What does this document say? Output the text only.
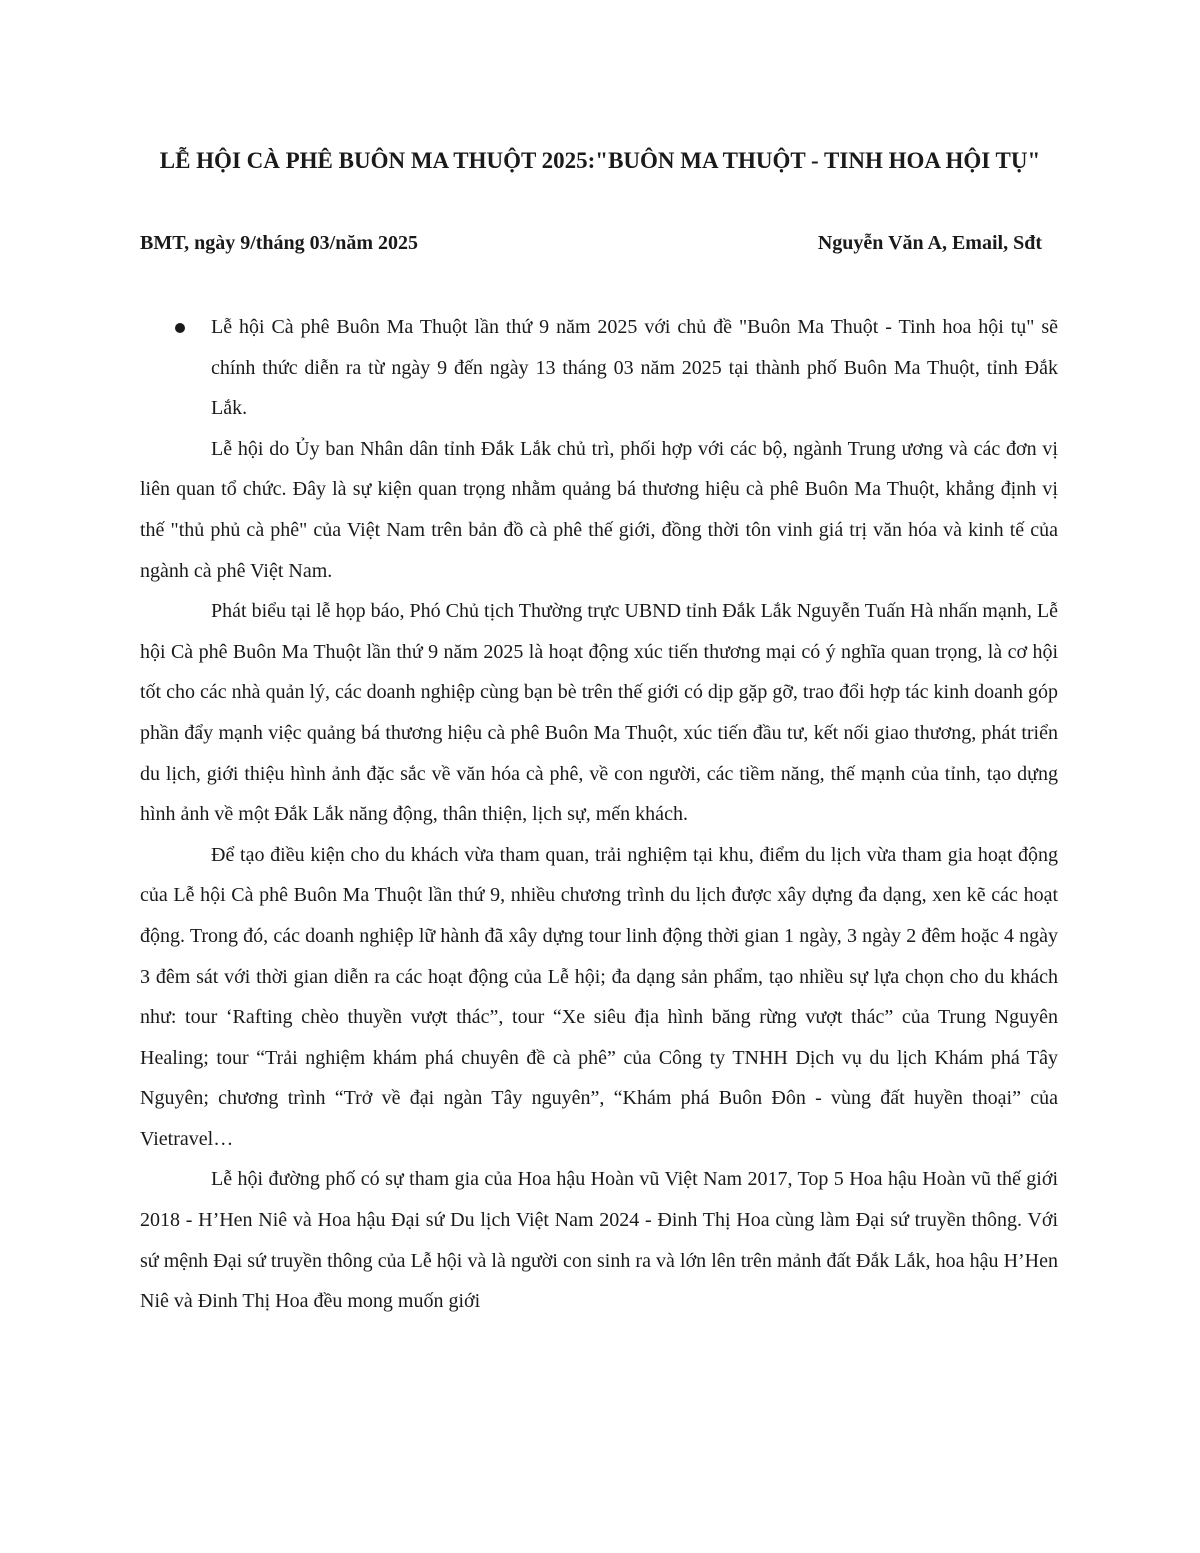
LỄ HỘI CÀ PHÊ BUÔN MA THUỘT 2025:"BUÔN MA THUỘT - TINH HOA HỘI TỤ"
BMT, ngày 9/tháng 03/năm 2025	Nguyễn Văn A, Email, Sđt

Lễ hội Cà phê Buôn Ma Thuột lần thứ 9 năm 2025 với chủ đề "Buôn Ma Thuột - Tinh hoa hội tụ" sẽ chính thức diễn ra từ ngày 9 đến ngày 13 tháng 03 năm 2025 tại thành phố Buôn Ma Thuột, tỉnh Đắk Lắk.

Lễ hội do Ủy ban Nhân dân tỉnh Đắk Lắk chủ trì, phối hợp với các bộ, ngành Trung ương và các đơn vị liên quan tổ chức. Đây là sự kiện quan trọng nhằm quảng bá thương hiệu cà phê Buôn Ma Thuột, khẳng định vị thế "thủ phủ cà phê" của Việt Nam trên bản đồ cà phê thế giới, đồng thời tôn vinh giá trị văn hóa và kinh tế của ngành cà phê Việt Nam.

Phát biểu tại lễ họp báo, Phó Chủ tịch Thường trực UBND tỉnh Đắk Lắk Nguyễn Tuấn Hà nhấn mạnh, Lễ hội Cà phê Buôn Ma Thuột lần thứ 9 năm 2025 là hoạt động xúc tiến thương mại có ý nghĩa quan trọng, là cơ hội tốt cho các nhà quản lý, các doanh nghiệp cùng bạn bè trên thế giới có dịp gặp gỡ, trao đổi hợp tác kinh doanh góp phần đẩy mạnh việc quảng bá thương hiệu cà phê Buôn Ma Thuột, xúc tiến đầu tư, kết nối giao thương, phát triển du lịch, giới thiệu hình ảnh đặc sắc về văn hóa cà phê, về con người, các tiềm năng, thế mạnh của tỉnh, tạo dựng hình ảnh về một Đắk Lắk năng động, thân thiện, lịch sự, mến khách.

Để tạo điều kiện cho du khách vừa tham quan, trải nghiệm tại khu, điểm du lịch vừa tham gia hoạt động của Lễ hội Cà phê Buôn Ma Thuột lần thứ 9, nhiều chương trình du lịch được xây dựng đa dạng, xen kẽ các hoạt động. Trong đó, các doanh nghiệp lữ hành đã xây dựng tour linh động thời gian 1 ngày, 3 ngày 2 đêm hoặc 4 ngày 3 đêm sát với thời gian diễn ra các hoạt động của Lễ hội; đa dạng sản phẩm, tạo nhiều sự lựa chọn cho du khách như: tour ‘Rafting chèo thuyền vượt thác”, tour “Xe siêu địa hình băng rừng vượt thác” của Trung Nguyên Healing; tour “Trải nghiệm khám phá chuyên đề cà phê” của Công ty TNHH Dịch vụ du lịch Khám phá Tây Nguyên; chương trình “Trở về đại ngàn Tây nguyên”, “Khám phá Buôn Đôn - vùng đất huyền thoại” của Vietravel…

Lễ hội đường phố có sự tham gia của Hoa hậu Hoàn vũ Việt Nam 2017, Top 5 Hoa hậu Hoàn vũ thế giới 2018 - H’Hen Niê và Hoa hậu Đại sứ Du lịch Việt Nam 2024 - Đinh Thị Hoa cùng làm Đại sứ truyền thông. Với sứ mệnh Đại sứ truyền thông của Lễ hội và là người con sinh ra và lớn lên trên mảnh đất Đắk Lắk, hoa hậu H’Hen Niê và Đinh Thị Hoa đều mong muốn giới
